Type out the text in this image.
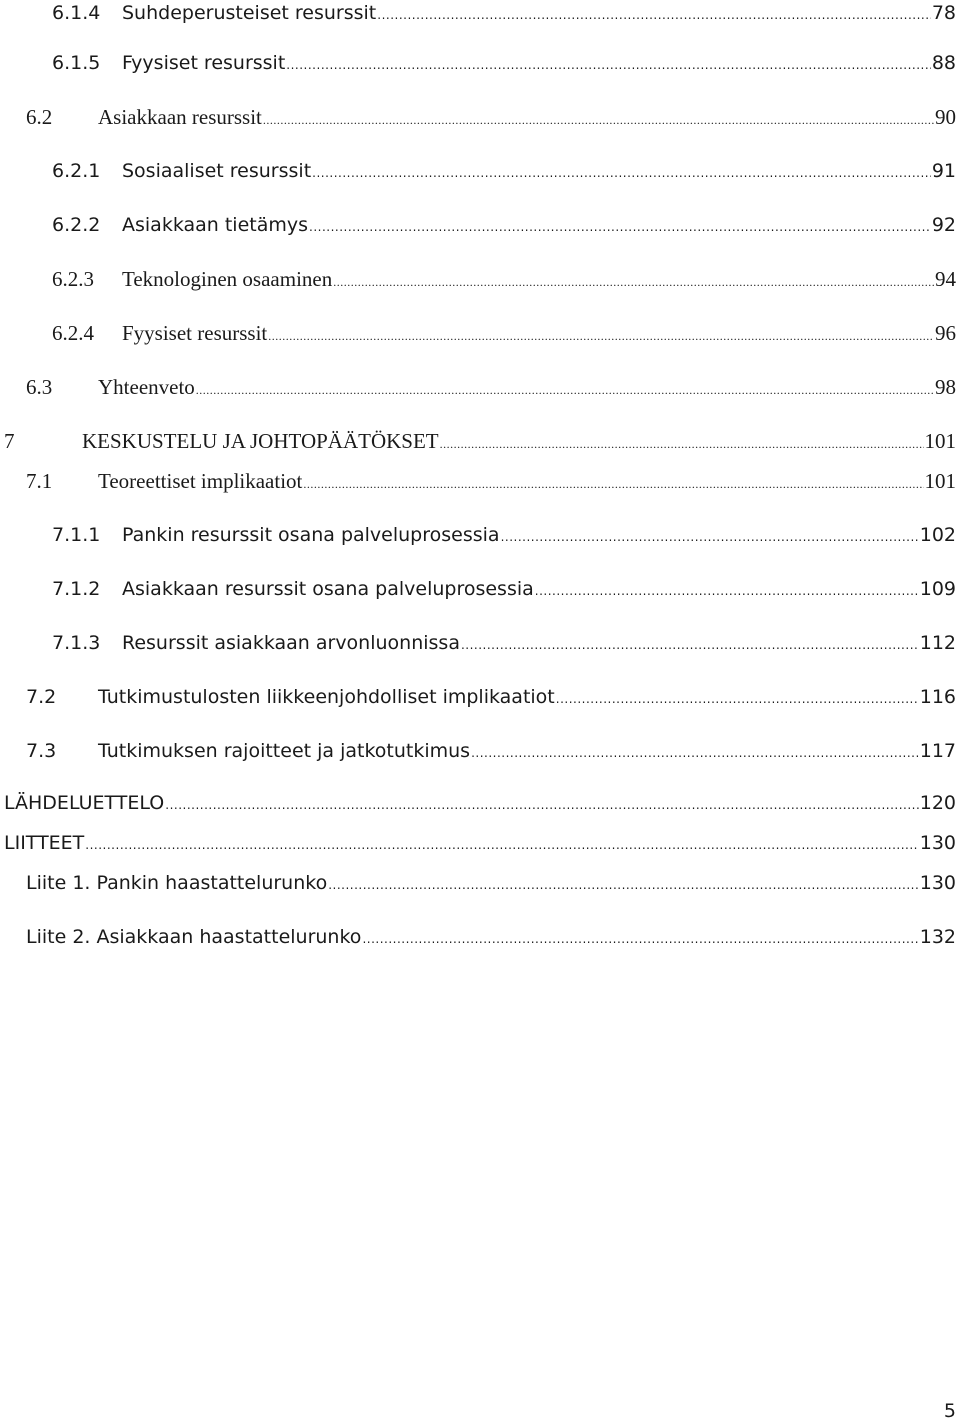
6.1.4	Suhdeperusteiset resurssit .....	78
6.1.5	Fyysiset resurssit .....	88
6.2	Asiakkaan resurssit .....	90
6.2.1	Sosiaaliset resurssit .....	91
6.2.2	Asiakkaan tietämys .....	92
6.2.3	Teknologinen osaaminen .....	94
6.2.4	Fyysiset resurssit .....	96
6.3	Yhteenveto .....	98
7	KESKUSTELU JA JOHTOPÄÄTÖKSET .....	101
7.1	Teoreettiset implikaatiot .....	101
7.1.1	Pankin resurssit osana palveluprosessia .....	102
7.1.2	Asiakkaan resurssit osana palveluprosessia .....	109
7.1.3	Resurssit asiakkaan arvonluonnissa .....	112
7.2	Tutkimustulosten liikkeenjohdolliset implikaatiot .....	116
7.3	Tutkimuksen rajoitteet ja jatkotutkimus .....	117
LÄHDELUETTELO .....	120
LIITTEET .....	130
Liite 1. Pankin haastattelurunko .....	130
Liite 2. Asiakkaan haastattelurunko .....	132
5
